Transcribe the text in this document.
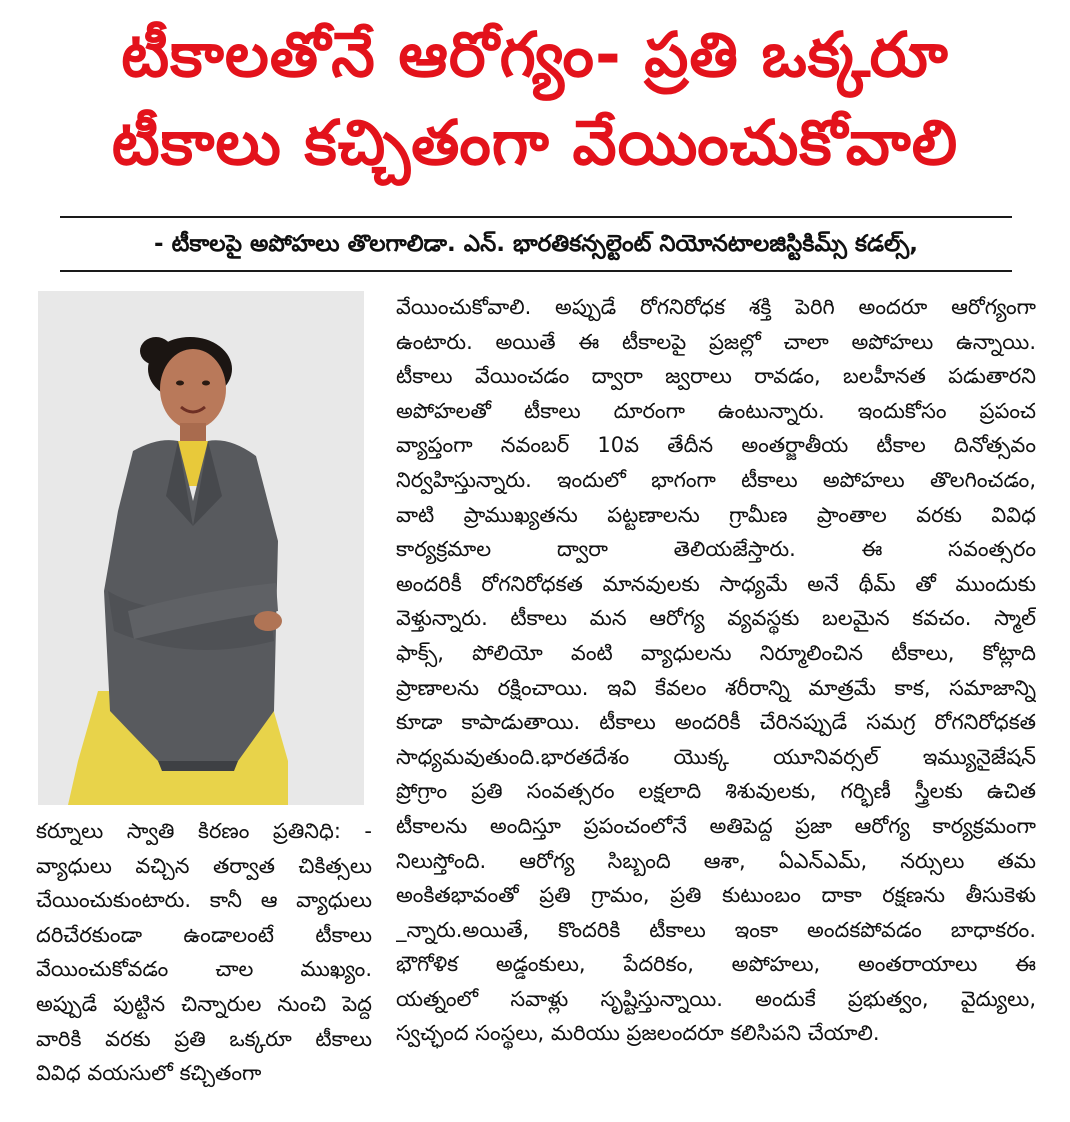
టీకాలతోనే ఆరోగ్యం- ప్రతి ఒక్కరూ
టీకాలు కచ్చితంగా వేయించుకోవాలి
- టీకాలపై అపోహలు తొలగాలిడా. ఎన్. భారతికన్సల్టెంట్ నియోనటాలజిస్టికిమ్స్ కడల్స్,
వేయించుకోవాలి. అప్పుడే రోగనిరోధక శక్తి పెరిగి అందరూ ఆరోగ్యంగా
ఉంటారు. అయితే ఈ టీకాలపై ప్రజల్లో చాలా అపోహలు ఉన్నాయి.
టీకాలు వేయించడం ద్వారా జ్వరాలు రావడం, బలహీనత పడుతారని
అపోహలతో టీకాలు దూరంగా ఉంటున్నారు. ఇందుకోసం ప్రపంచ
వ్యాప్తంగా నవంబర్ 10వ తేదీన అంతర్జాతీయ టీకాల దినోత్సవం
నిర్వహిస్తున్నారు. ఇందులో భాగంగా టీకాలు అపోహలు తొలగించడం,
వాటి ప్రాముఖ్యతను పట్టణాలను గ్రామీణ ప్రాంతాల వరకు వివిధ
కార్యక్రమాల ద్వారా తెలియజేస్తారు. ఈ సవంత్సరం
అందరికీ రోగనిరోధకత మానవులకు సాధ్యమే అనే థీమ్ తో ముందుకు
వెళ్తున్నారు. టీకాలు మన ఆరోగ్య వ్యవస్థకు బలమైన కవచం. స్మాల్
ఫాక్స్, పోలియో వంటి వ్యాధులను నిర్మూలించిన టీకాలు, కోట్లాది
ప్రాణాలను రక్షించాయి. ఇవి కేవలం శరీరాన్ని మాత్రమే కాక, సమాజాన్ని
కూడా కాపాడుతాయి. టీకాలు అందరికీ చేరినప్పుడే సమగ్ర రోగనిరోధకత
సాధ్యమవుతుంది.భారతదేశం యొక్క యూనివర్సల్ ఇమ్యునైజేషన్
ప్రోగ్రాం ప్రతి సంవత్సరం లక్షలాది శిశువులకు, గర్భిణీ స్త్రీలకు ఉచిత
టీకాలను అందిస్తూ ప్రపంచంలోనే అతిపెద్ద ప్రజా ఆరోగ్య కార్యక్రమంగా
నిలుస్తోంది. ఆరోగ్య సిబ్బంది ఆశా, ఏఎన్ఎమ్, నర్సులు తమ
అంకితభావంతో ప్రతి గ్రామం, ప్రతి కుటుంబం దాకా రక్షణను తీసుకెళు
_న్నారు.అయితే, కొందరికి టీకాలు ఇంకా అందకపోవడం బాధాకరం.
భౌగోళిక అడ్డంకులు, పేదరికం, అపోహలు, అంతరాయాలు ఈ
యత్నంలో సవాళ్లు సృష్టిస్తున్నాయి. అందుకే ప్రభుత్వం, వైద్యులు,
స్వచ్ఛంద సంస్థలు, మరియు ప్రజలందరూ కలిసిపని చేయాలి.
కర్నూలు స్వాతి కిరణం ప్రతినిధి: -
వ్యాధులు వచ్చిన తర్వాత చికిత్సలు
చేయించుకుంటారు. కానీ ఆ వ్యాధులు
దరిచేరకుండా ఉండాలంటే టీకాలు
వేయించుకోవడం చాల ముఖ్యం.
అప్పుడే పుట్టిన చిన్నారుల నుంచి పెద్ద
వారికి వరకు ప్రతి ఒక్కరూ టీకాలు
వివిధ వయసులో కచ్చితంగా
